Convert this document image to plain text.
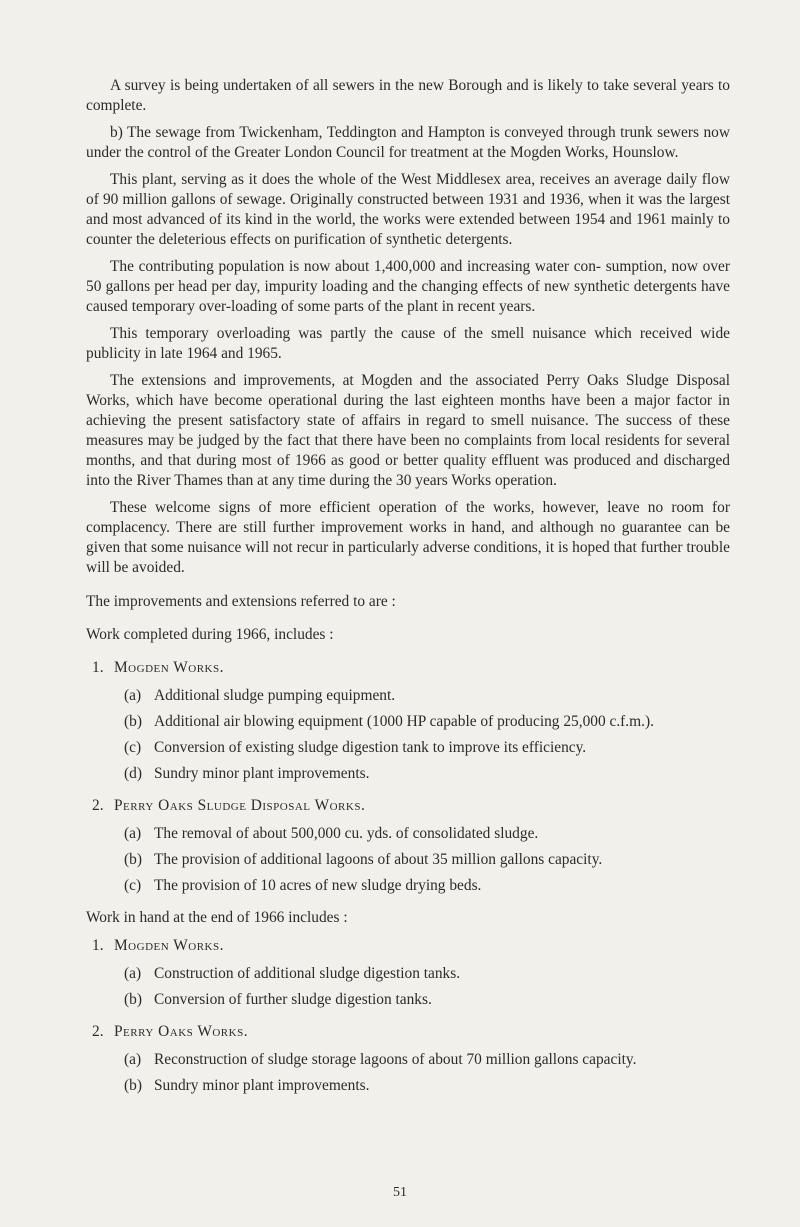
A survey is being undertaken of all sewers in the new Borough and is likely to take several years to complete.

b) The sewage from Twickenham, Teddington and Hampton is conveyed through trunk sewers now under the control of the Greater London Council for treatment at the Mogden Works, Hounslow.

This plant, serving as it does the whole of the West Middlesex area, receives an average daily flow of 90 million gallons of sewage. Originally constructed between 1931 and 1936, when it was the largest and most advanced of its kind in the world, the works were extended between 1954 and 1961 mainly to counter the deleterious effects on purification of synthetic detergents.

The contributing population is now about 1,400,000 and increasing water con- sumption, now over 50 gallons per head per day, impurity loading and the changing effects of new synthetic detergents have caused temporary over-loading of some parts of the plant in recent years.

This temporary overloading was partly the cause of the smell nuisance which received wide publicity in late 1964 and 1965.

The extensions and improvements, at Mogden and the associated Perry Oaks Sludge Disposal Works, which have become operational during the last eighteen months have been a major factor in achieving the present satisfactory state of affairs in regard to smell nuisance. The success of these measures may be judged by the fact that there have been no complaints from local residents for several months, and that during most of 1966 as good or better quality effluent was produced and discharged into the River Thames than at any time during the 30 years Works operation.

These welcome signs of more efficient operation of the works, however, leave no room for complacency. There are still further improvement works in hand, and although no guarantee can be given that some nuisance will not recur in particularly adverse conditions, it is hoped that further trouble will be avoided.

The improvements and extensions referred to are :

Work completed during 1966, includes :

1. Mogden Works.

(a) Additional sludge pumping equipment.
(b) Additional air blowing equipment (1000 HP capable of producing 25,000 c.f.m.).
(c) Conversion of existing sludge digestion tank to improve its efficiency.
(d) Sundry minor plant improvements.

2. Perry Oaks Sludge Disposal Works.

(a) The removal of about 500,000 cu. yds. of consolidated sludge.
(b) The provision of additional lagoons of about 35 million gallons capacity.
(c) The provision of 10 acres of new sludge drying beds.

Work in hand at the end of 1966 includes :

1. Mogden Works.

(a) Construction of additional sludge digestion tanks.
(b) Conversion of further sludge digestion tanks.

2. Perry Oaks Works.

(a) Reconstruction of sludge storage lagoons of about 70 million gallons capacity.
(b) Sundry minor plant improvements.
51
